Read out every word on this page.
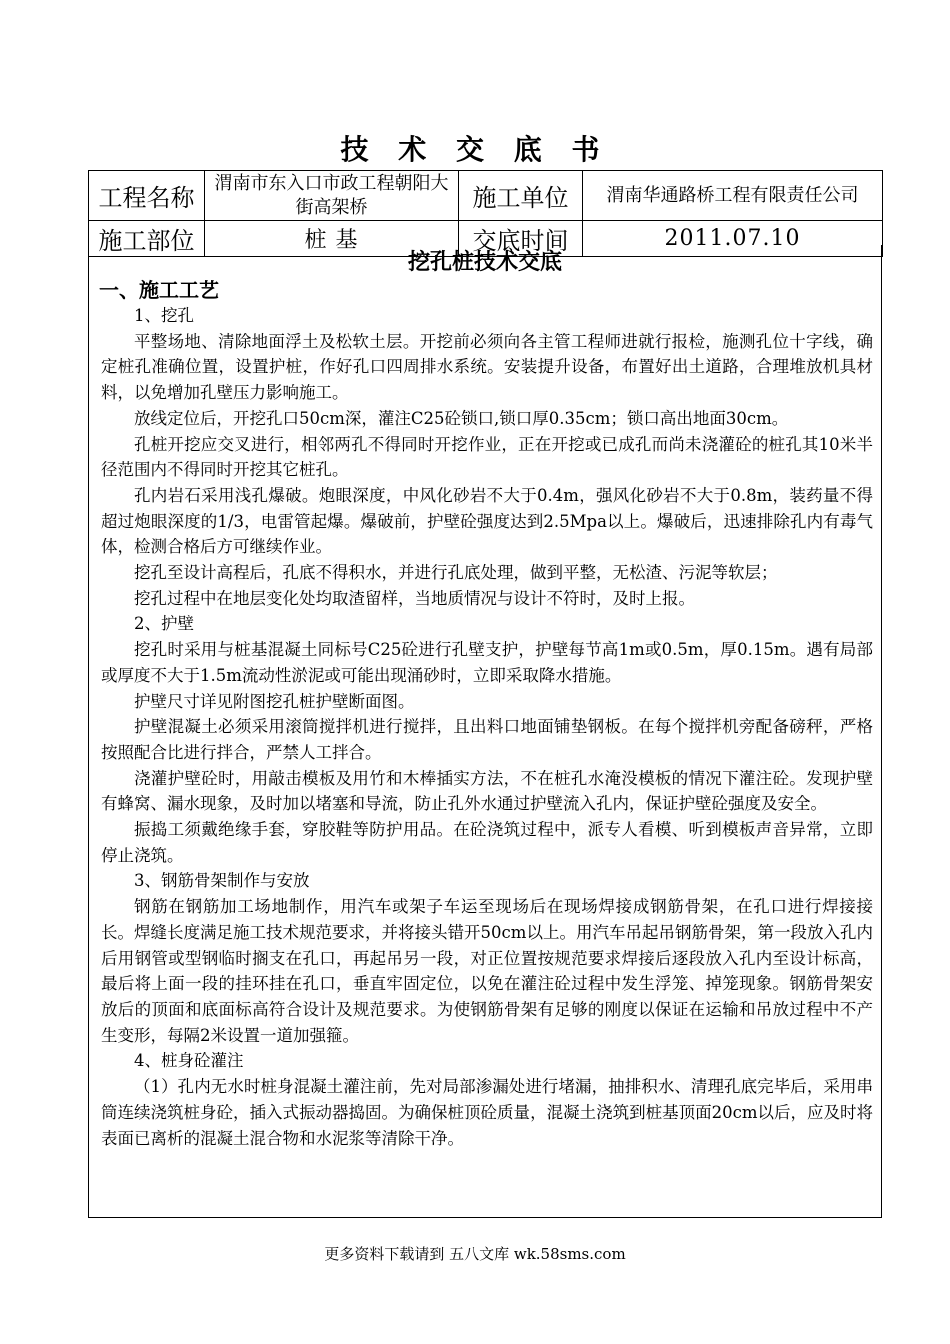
技 术 交 底 书
工程名称	渭南市东入口市政工程朝阳大街高架桥	施工单位	渭南华通路桥工程有限责任公司
施工部位	桩 基	交底时间	2011.07.10
挖孔桩技术交底
一、施工工艺

1、挖孔

平整场地、清除地面浮土及松软土层。开挖前必须向各主管工程师进就行报检，施测孔位十字线，确定桩孔准确位置，设置护桩，作好孔口四周排水系统。安装提升设备，布置好出土道路，合理堆放机具材料，以免增加孔壁压力影响施工。

放线定位后，开挖孔口50cm深，灌注C25砼锁口,锁口厚0.35cm；锁口高出地面30cm。

孔桩开挖应交叉进行，相邻两孔不得同时开挖作业，正在开挖或已成孔而尚未浇灌砼的桩孔其10米半径范围内不得同时开挖其它桩孔。

孔内岩石采用浅孔爆破。炮眼深度，中风化砂岩不大于0.4m，强风化砂岩不大于0.8m，装药量不得超过炮眼深度的1/3，电雷管起爆。爆破前，护壁砼强度达到2.5Mpa以上。爆破后，迅速排除孔内有毒气体，检测合格后方可继续作业。

挖孔至设计高程后，孔底不得积水，并进行孔底处理，做到平整，无松渣、污泥等软层；

挖孔过程中在地层变化处均取渣留样，当地质情况与设计不符时，及时上报。

2、护壁

挖孔时采用与桩基混凝土同标号C25砼进行孔壁支护，护壁每节高1m或0.5m，厚0.15m。遇有局部或厚度不大于1.5m流动性淤泥或可能出现涌砂时，立即采取降水措施。

护壁尺寸详见附图挖孔桩护壁断面图。

护壁混凝土必须采用滚筒搅拌机进行搅拌，且出料口地面铺垫钢板。在每个搅拌机旁配备磅秤，严格按照配合比进行拌合，严禁人工拌合。

浇灌护壁砼时，用敲击模板及用竹和木棒插实方法，不在桩孔水淹没模板的情况下灌注砼。发现护壁有蜂窝、漏水现象，及时加以堵塞和导流，防止孔外水通过护壁流入孔内，保证护壁砼强度及安全。

振捣工须戴绝缘手套，穿胶鞋等防护用品。在砼浇筑过程中，派专人看模、听到模板声音异常，立即停止浇筑。

3、钢筋骨架制作与安放

钢筋在钢筋加工场地制作，用汽车或架子车运至现场后在现场焊接成钢筋骨架，在孔口进行焊接接长。焊缝长度满足施工技术规范要求，并将接头错开50cm以上。用汽车吊起吊钢筋骨架，第一段放入孔内后用钢管或型钢临时搁支在孔口，再起吊另一段，对正位置按规范要求焊接后逐段放入孔内至设计标高，最后将上面一段的挂环挂在孔口，垂直牢固定位，以免在灌注砼过程中发生浮笼、掉笼现象。钢筋骨架安放后的顶面和底面标高符合设计及规范要求。为使钢筋骨架有足够的刚度以保证在运输和吊放过程中不产生变形，每隔2米设置一道加强箍。

4、桩身砼灌注

（1）孔内无水时桩身混凝土灌注前，先对局部渗漏处进行堵漏，抽排积水、清理孔底完毕后，采用串筒连续浇筑桩身砼，插入式振动器捣固。为确保桩顶砼质量，混凝土浇筑到桩基顶面20cm以后，应及时将表面已离析的混凝土混合物和水泥浆等清除干净。

更多资料下载请到 五八文库 wk.58sms.com
